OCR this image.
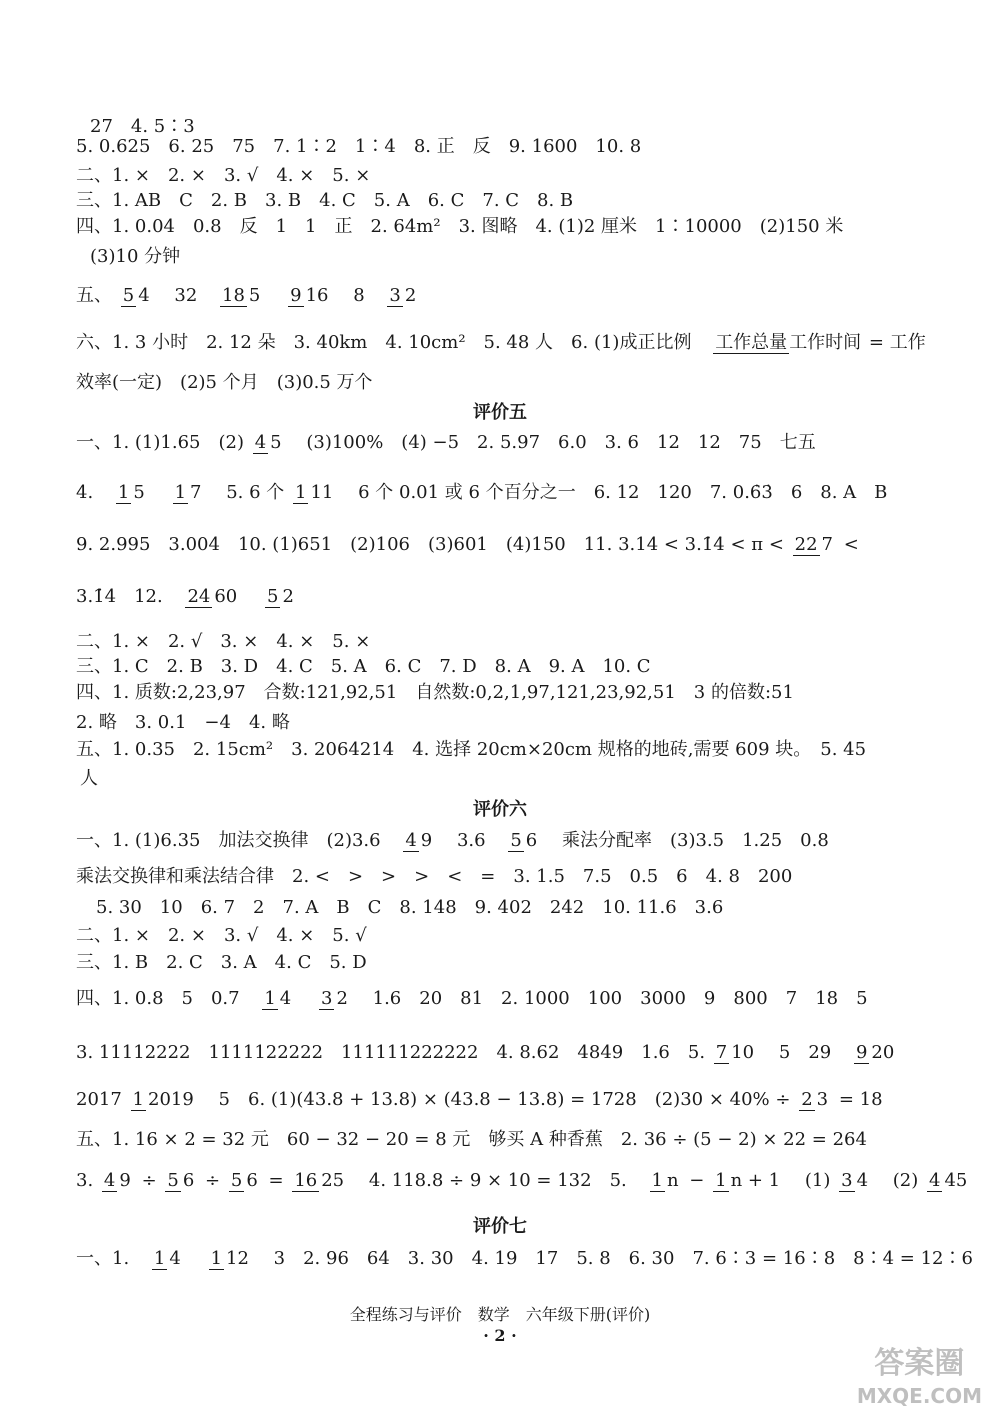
27　4. 5∶3
5. 0.625　6. 25　75　7. 1∶2　1∶4　8. 正　反　9. 1600　10. 8
二、1. ×　2. ×　3. √　4. ×　5. ×
三、1. AB　C　2. B　3. B　4. C　5. A　6. C　7. C　8. B
四、1. 0.04　0.8　反　1　1　正　2. 64m²　3. 图略　4. (1)2 厘米　1∶10000　(2)150 米
(3)10 分钟
五、 5 4 32 18 5 9 16 8 3 2
六、1. 3 小时　2. 12 朵　3. 40km　4. 10cm²　5. 48 人　6. (1)成正比例 工作总量 工作时间 = 工作
效率(一定)　(2)5 个月　(3)0.5 万个
评价五
一、1. (1)1.65　(2) 4 5 (3)100%　(4) −5　2. 5.97　6.0　3. 6　12　12　75　七五
4. 1 5 1 7 5. 6 个 1 11 6 个 0.01 或 6 个百分之一　6. 12　120　7. 0.6̇3̇　6　8. A　B
9. 2.995　3.004　10. (1)651　(2)106　(3)601　(4)150　11. 3.14 < 3.1̇4̇ < π < 22 7 <
3.1̇4　12. 24 60 5 2
二、1. ×　2. √　3. ×　4. ×　5. ×
三、1. C　2. B　3. D　4. C　5. A　6. C　7. D　8. A　9. A　10. C
四、1. 质数:2,23,97　合数:121,92,51　自然数:0,2,1,97,121,23,92,51　3 的倍数:51
2. 略　3. 0.1　−4　4. 略
五、1. 0.35　2. 15cm²　3. 2064214　4. 选择 20cm×20cm 规格的地砖,需要 609 块。　5. 45
人
评价六
一、1. (1)6.35　加法交换律　(2)3.6 4 9 3.6 5 6 乘法分配率　(3)3.5　1.25　0.8
乘法交换律和乘法结合律　2. <　>　>　>　<　=　3. 1.5　7.5　0.5　6　4. 8　200
5. 30　10　6. 7　2　7. A　B　C　8. 148　9. 402　242　10. 11.6　3.6
二、1. ×　2. ×　3. √　4. ×　5. √
三、1. B　2. C　3. A　4. C　5. D
四、1. 0.8　5　0.7 1 4 3 2 1.6　20　81　2. 1000　100　3000　9　800　7　18　5
3. 11112222　1111122222　111111222222　4. 8.62　4849　1.6　5. 7 10 5　29 9 20
2017 1 2019 5　6. (1)(43.8 + 13.8) × (43.8 − 13.8) = 1728　(2)30 × 40% ÷ 2 3 = 18
五、1. 16 × 2 = 32 元　60 − 32 − 20 = 8 元　够买 A 种香蕉　2. 36 ÷ (5 − 2) × 22 = 264
3. 4 9 ÷ 5 6 ÷ 5 6 = 16 25 4. 118.8 ÷ 9 × 10 = 132　5. 1 n − 1 n + 1 (1) 3 4 (2) 4 45
评价七
一、1. 1 4 1 12 3　2. 96　64　3. 30　4. 19　17　5. 8　6. 30　7. 6∶3 = 16∶8　8∶4 = 12∶6
全程练习与评价　数学　六年级下册(评价)
· 2 ·
答案圈
MXQE.COM
